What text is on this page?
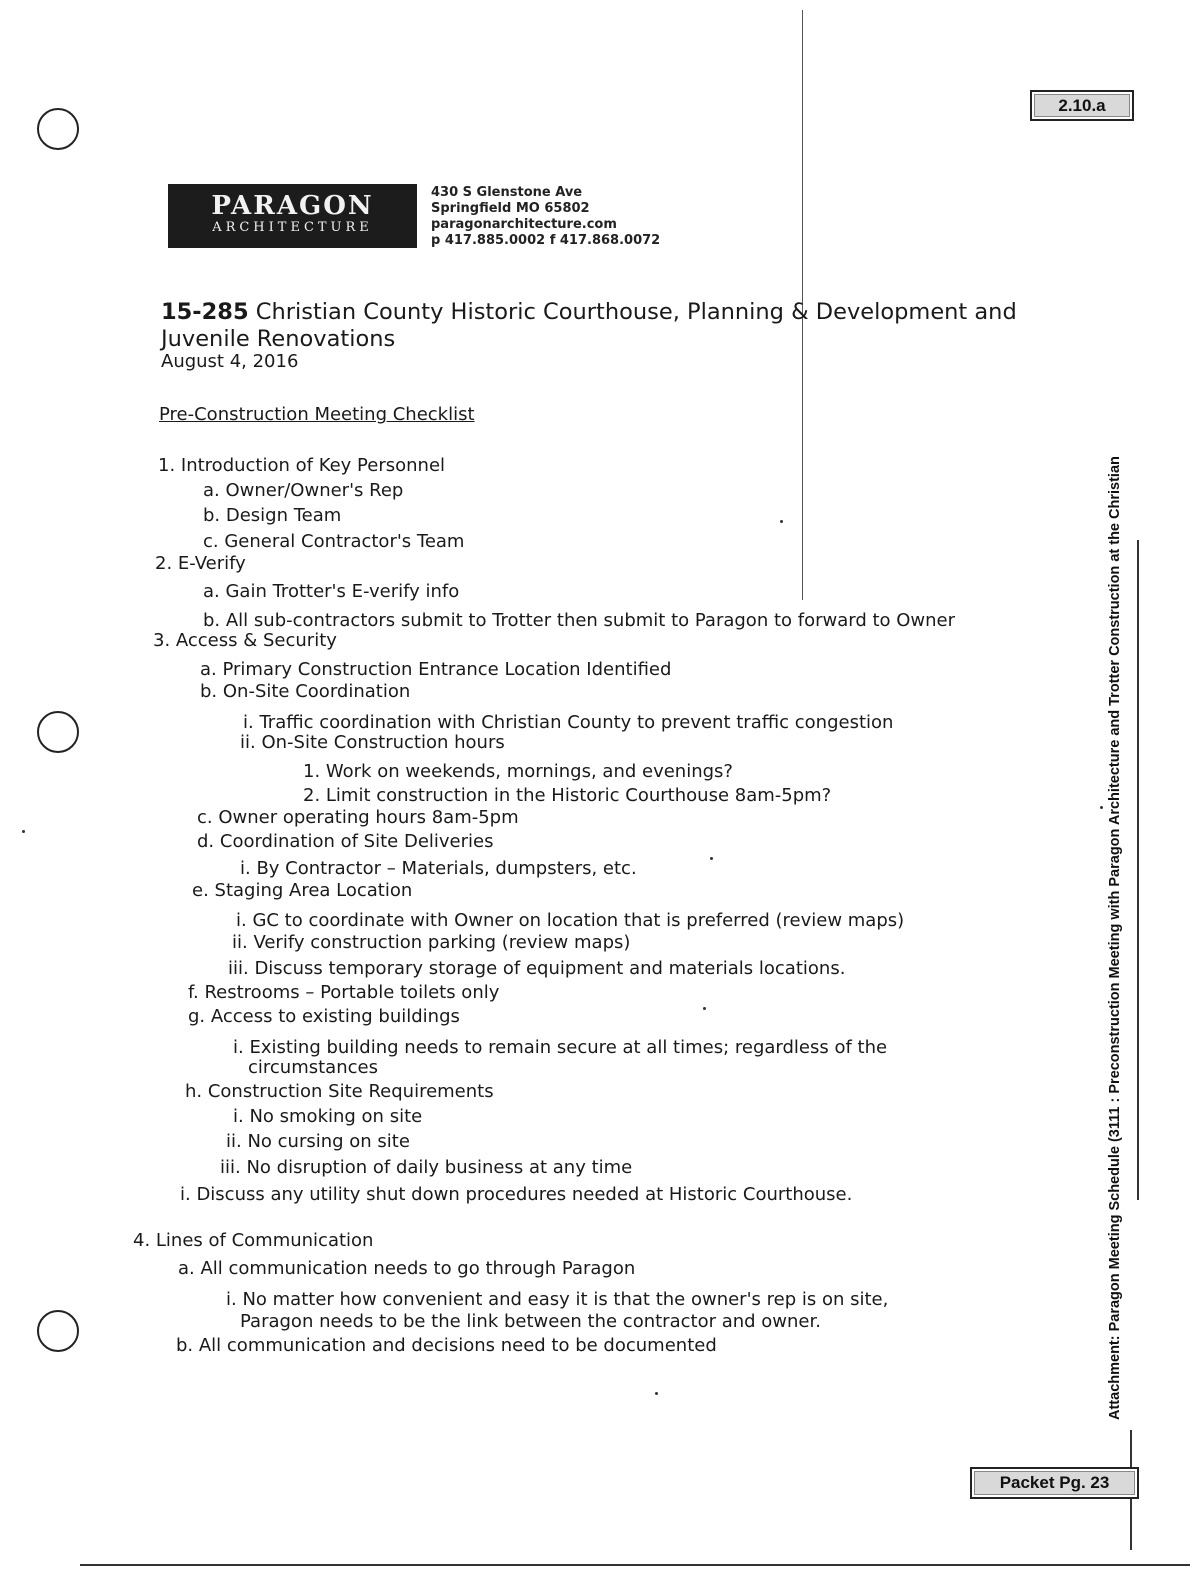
2.10.a
Packet Pg. 23
PARAGON
ARCHITECTURE
430 S Glenstone Ave
Springfield MO 65802
paragonarchitecture.com
p 417.885.0002 f 417.868.0072
15-285 Christian County Historic Courthouse, Planning & Development and Juvenile Renovations
August 4, 2016
Pre-Construction Meeting Checklist
1. Introduction of Key Personnel
a. Owner/Owner's Rep
b. Design Team
c. General Contractor's Team
2. E-Verify
a. Gain Trotter's E-verify info
b. All sub-contractors submit to Trotter then submit to Paragon to forward to Owner
3. Access & Security
a. Primary Construction Entrance Location Identified
b. On-Site Coordination
i. Traffic coordination with Christian County to prevent traffic congestion
ii. On-Site Construction hours
1. Work on weekends, mornings, and evenings?
2. Limit construction in the Historic Courthouse 8am-5pm?
c. Owner operating hours 8am-5pm
d. Coordination of Site Deliveries
i. By Contractor – Materials, dumpsters, etc.
e. Staging Area Location
i. GC to coordinate with Owner on location that is preferred (review maps)
ii. Verify construction parking (review maps)
iii. Discuss temporary storage of equipment and materials locations.
f. Restrooms – Portable toilets only
g. Access to existing buildings
i. Existing building needs to remain secure at all times; regardless of the
circumstances
h. Construction Site Requirements
i. No smoking on site
ii. No cursing on site
iii. No disruption of daily business at any time
i. Discuss any utility shut down procedures needed at Historic Courthouse.
4. Lines of Communication
a. All communication needs to go through Paragon
i. No matter how convenient and easy it is that the owner's rep is on site,
Paragon needs to be the link between the contractor and owner.
b. All communication and decisions need to be documented	Attachment: Paragon Meeting Schedule (3111 : Preconstruction Meeting with Paragon Architecture and Trotter Construction at the Christian
